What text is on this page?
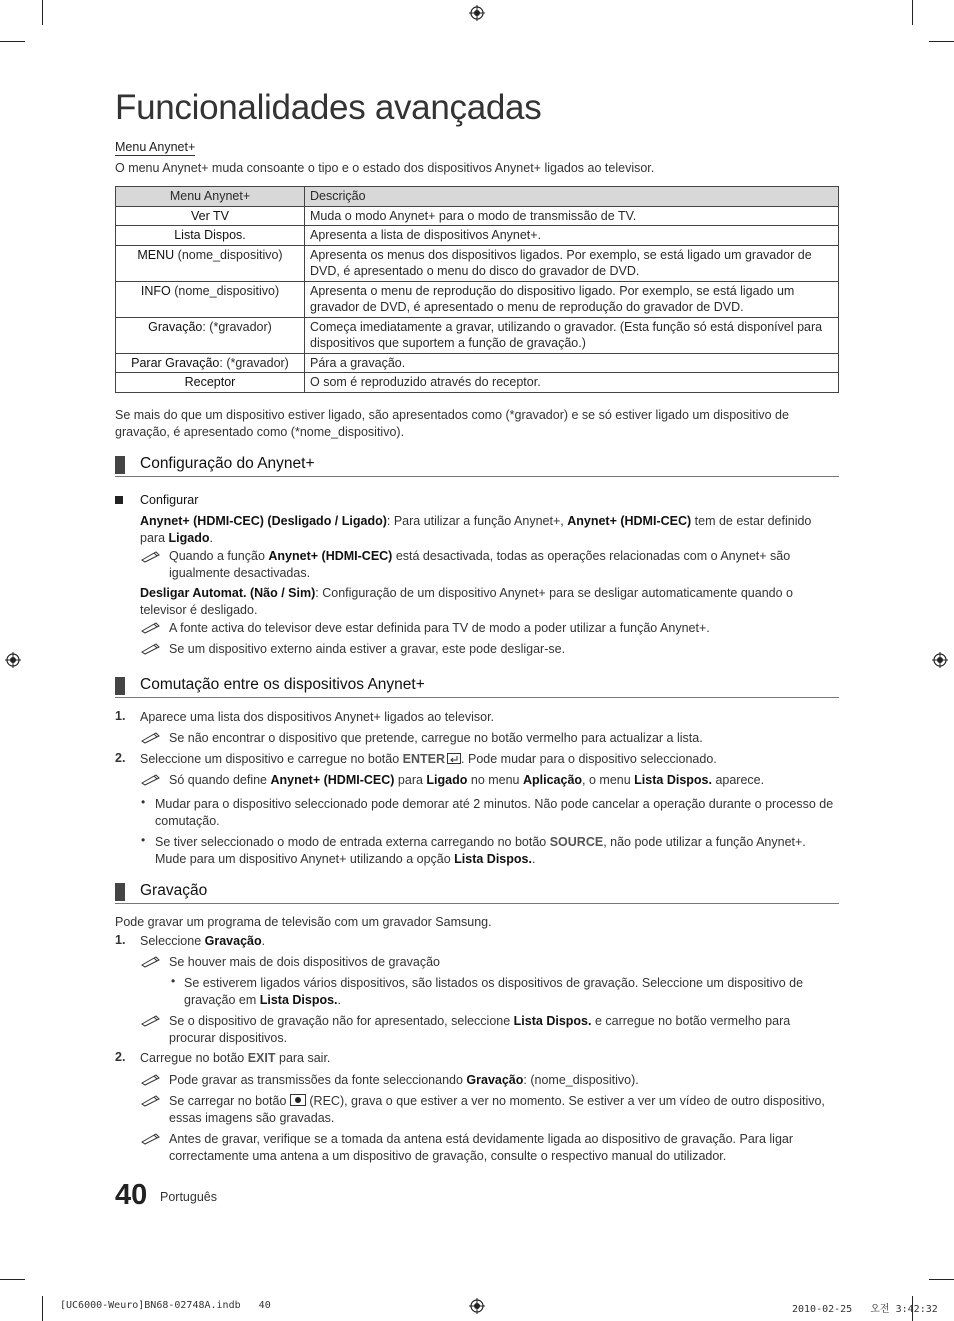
Funcionalidades avançadas
Menu Anynet+
O menu Anynet+ muda consoante o tipo e o estado dos dispositivos Anynet+ ligados ao televisor.
Menu Anynet+	Descrição
Ver TV	Muda o modo Anynet+ para o modo de transmissão de TV.
Lista Dispos.	Apresenta a lista de dispositivos Anynet+.
MENU (nome_dispositivo)	Apresenta os menus dos dispositivos ligados. Por exemplo, se está ligado um gravador de DVD, é apresentado o menu do disco do gravador de DVD.
INFO (nome_dispositivo)	Apresenta o menu de reprodução do dispositivo ligado. Por exemplo, se está ligado um gravador de DVD, é apresentado o menu de reprodução do gravador de DVD.
Gravação: (*gravador)	Começa imediatamente a gravar, utilizando o gravador. (Esta função só está disponível para dispositivos que suportem a função de gravação.)
Parar Gravação: (*gravador)	Pára a gravação.
Receptor	O som é reproduzido através do receptor.
Se mais do que um dispositivo estiver ligado, são apresentados como (*gravador) e se só estiver ligado um dispositivo de gravação, é apresentado como (*nome_dispositivo).
Configuração do Anynet+
Configurar
Anynet+ (HDMI-CEC) (Desligado / Ligado): Para utilizar a função Anynet+, Anynet+ (HDMI-CEC) tem de estar definido para Ligado.
Quando a função Anynet+ (HDMI-CEC) está desactivada, todas as operações relacionadas com o Anynet+ são igualmente desactivadas.
Desligar Automat. (Não / Sim): Configuração de um dispositivo Anynet+ para se desligar automaticamente quando o televisor é desligado.
A fonte activa do televisor deve estar definida para TV de modo a poder utilizar a função Anynet+.
Se um dispositivo externo ainda estiver a gravar, este pode desligar-se.
Comutação entre os dispositivos Anynet+
1. Aparece uma lista dos dispositivos Anynet+ ligados ao televisor.
Se não encontrar o dispositivo que pretende, carregue no botão vermelho para actualizar a lista.
2. Seleccione um dispositivo e carregue no botão ENTER . Pode mudar para o dispositivo seleccionado.
Só quando define Anynet+ (HDMI-CEC) para Ligado no menu Aplicação, o menu Lista Dispos. aparece.
• Mudar para o dispositivo seleccionado pode demorar até 2 minutos. Não pode cancelar a operação durante o processo de comutação.
• Se tiver seleccionado o modo de entrada externa carregando no botão SOURCE, não pode utilizar a função Anynet+. Mude para um dispositivo Anynet+ utilizando a opção Lista Dispos..
Gravação
Pode gravar um programa de televisão com um gravador Samsung.
1. Seleccione Gravação.
Se houver mais de dois dispositivos de gravação
• Se estiverem ligados vários dispositivos, são listados os dispositivos de gravação. Seleccione um dispositivo de gravação em Lista Dispos..
Se o dispositivo de gravação não for apresentado, seleccione Lista Dispos. e carregue no botão vermelho para procurar dispositivos.
2. Carregue no botão EXIT para sair.
Pode gravar as transmissões da fonte seleccionando Gravação: (nome_dispositivo).
Se carregar no botão  (REC), grava o que estiver a ver no momento. Se estiver a ver um vídeo de outro dispositivo, essas imagens são gravadas.
Antes de gravar, verifique se a tomada da antena está devidamente ligada ao dispositivo de gravação. Para ligar correctamente uma antena a um dispositivo de gravação, consulte o respectivo manual do utilizador.
40 Português
[UC6000-Weuro]BN68-02748A.indb   40	2010-02-25   오전 3:42:32
